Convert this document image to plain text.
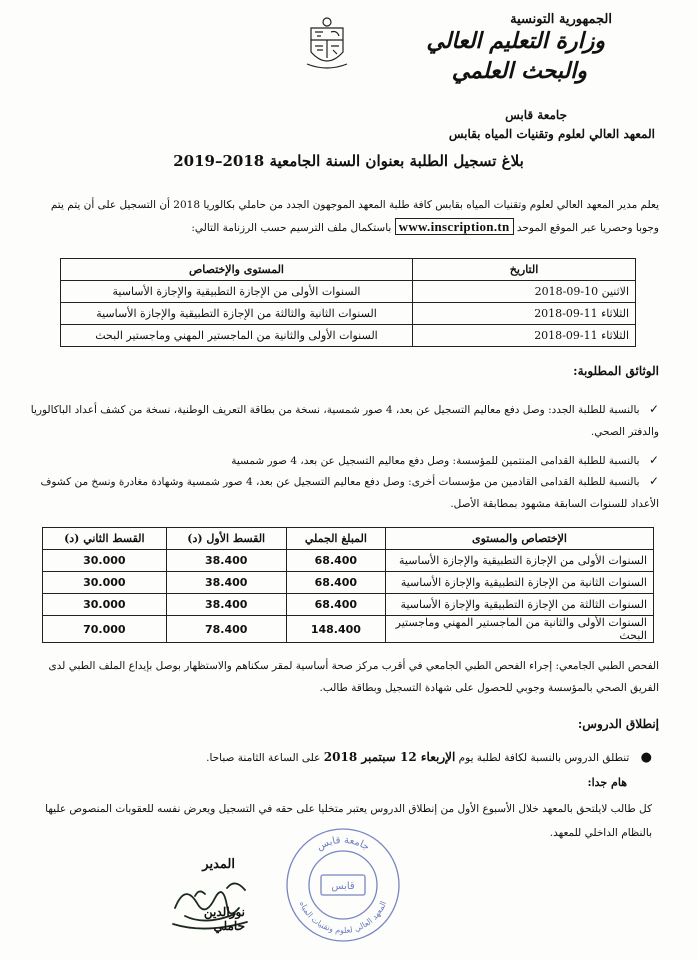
الجمهورية التونسية
وزارة التعليم العالي
والبحث العلمي
جامعة قابس
المعهد العالي لعلوم وتقنيات المياه بقابس
بلاغ تسجيل الطلبة بعنوان السنة الجامعية 2018–2019
يعلم مدير المعهد العالي لعلوم وتقنيات المياه بقابس كافة طلبة المعهد الموجهون الجدد من حاملي بكالوريا 2018 أن التسجيل على أن يتم يتم وجوبا وحصريا عبر الموقع الموحد www.inscription.tn باستكمال ملف الترسيم حسب الرزنامة التالي:
التاريخ	المستوى والإختصاص
الاثنين 10-09-2018	السنوات الأولى من الإجازة التطبيقية والإجازة الأساسية
الثلاثاء 11-09-2018	السنوات الثانية والثالثة من الإجازة التطبيقية والإجازة الأساسية
الثلاثاء 11-09-2018	السنوات الأولى والثانية من الماجستير المهني وماجستير البحث
الوثائق المطلوبة:
✓ بالنسبة للطلبة الجدد: وصل دفع معاليم التسجيل عن بعد، 4 صور شمسية، نسخة من بطاقة التعريف الوطنية، نسخة من كشف أعداد الباكالوريا والدفتر الصحي.
✓ بالنسبة للطلبة القدامى المنتمين للمؤسسة: وصل دفع معاليم التسجيل عن بعد، 4 صور شمسية
✓ بالنسبة للطلبة القدامى القادمين من مؤسسات أخرى: وصل دفع معاليم التسجيل عن بعد، 4 صور شمسية وشهادة مغادرة ونسخ من كشوف الأعداد للسنوات السابقة مشهود بمطابقة الأصل.
الإختصاص والمستوى	المبلغ الجملي	القسط الأول (د)	القسط الثاني (د)
السنوات الأولى من الإجازة التطبيقية والإجازة الأساسية	68.400	38.400	30.000
السنوات الثانية من الإجازة التطبيقية والإجازة الأساسية	68.400	38.400	30.000
السنوات الثالثة من الإجازة التطبيقية والإجازة الأساسية	68.400	38.400	30.000
السنوات الأولى والثانية من الماجستير المهني وماجستير البحث	148.400	78.400	70.000
الفحص الطبي الجامعي: إجراء الفحص الطبي الجامعي في أقرب مركز صحة أساسية لمقر سكناهم والاستظهار بوصل بإيداع الملف الطبي لدى الفريق الصحي بالمؤسسة وجوبي للحصول على شهادة التسجيل وبطاقة طالب.
إنطلاق الدروس:
● تنطلق الدروس بالنسبة لكافة لطلبة يوم الإربعاء 12 سبتمبر 2018 على الساعة الثامنة صباحا.
هام جدا:
كل طالب لايلتحق بالمعهد خلال الأسبوع الأول من إنطلاق الدروس يعتبر متخليا على حقه في التسجيل ويعرض نفسه للعقوبات المنصوص عليها بالنظام الداخلي للمعهد.
جامعة قابس
قابس
المعهد العالي لعلوم وتقنيات المياه
المدير
نورالدين حاملي
